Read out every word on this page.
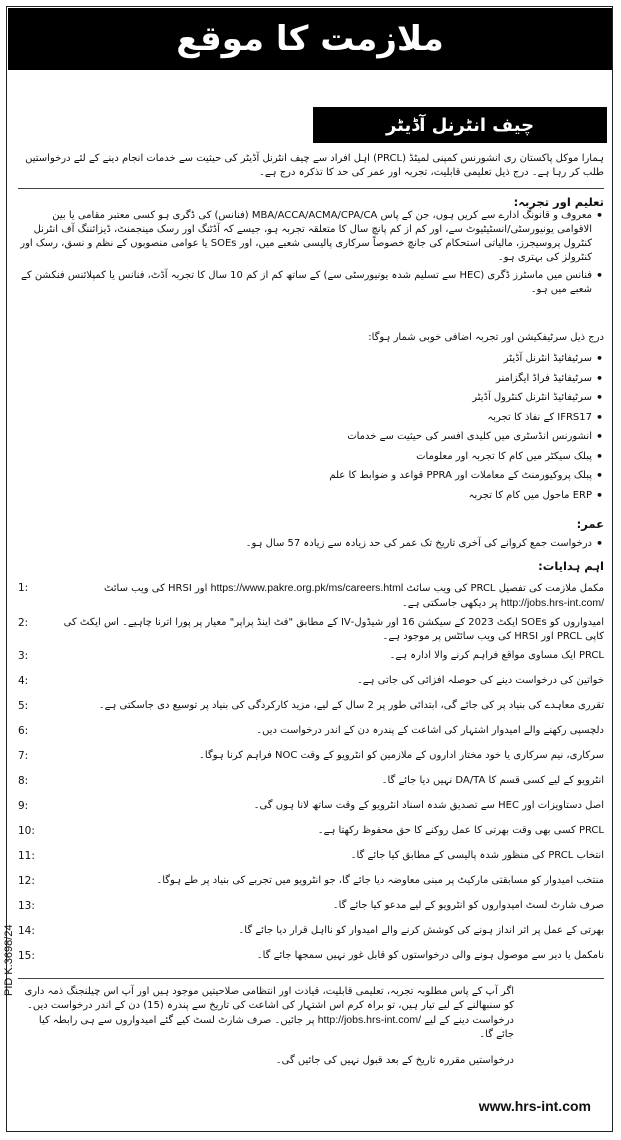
ملازمت کا موقع
چیف انٹرنل آڈیٹر

ہمارا موکل پاکستان ری انشورنس کمپنی لمیٹڈ (PRCL) اہل افراد سے چیف انٹرنل آڈیٹر کی حیثیت سے خدمات انجام دینے کے لئے درخواستیں طلب کر رہا ہے۔ درج ذیل تعلیمی قابلیت، تجربہ اور عمر کی حد کا تذکرہ درج ہے۔

تعلیم اور تجربہ:

• معروف و قانونگ ادارے سے کریں ہوں، جن کے پاس MBA/ACCA/ACMA/CPA/CA (فنانس) کی ڈگری ہو کسی معتبر مقامی یا بین الاقوامی یونیورسٹی/انسٹیٹیوٹ سے، اور کم از کم پانچ سال کا متعلقہ تجربہ ہو، جیسے کہ آڈٹنگ اور رسک مینجمنٹ، ڈیزائننگ آف انٹرنل کنٹرول پروسیجرز، مالیاتی استحکام کی جانچ خصوصاً سرکاری پالیسی شعبے میں، اور SOEs یا عوامی منصوبوں کے نظم و نسق، رسک اور کنٹرولز کی بہتری ہو۔
• فنانس میں ماسٹرز ڈگری (HEC سے تسلیم شدہ یونیورسٹی سے) کے ساتھ کم از کم 10 سال کا تجربہ آڈٹ، فنانس یا کمپلائنس فنکشن کے شعبے میں ہو۔

درج ذیل سرٹیفکیشن اور تجربہ اضافی خوبی شمار ہوگا:

• سرٹیفائیڈ انٹرنل آڈیٹر
• سرٹیفائیڈ فراڈ ایگزامنر
• سرٹیفائیڈ انٹرنل کنٹرول آڈیٹر
• IFRS17 کے نفاذ کا تجربہ
• انشورنس انڈسٹری میں کلیدی افسر کی حیثیت سے خدمات
• پبلک سیکٹر میں کام کا تجربہ اور معلومات
• پبلک پروکیورمنٹ کے معاملات اور PPRA قواعد و ضوابط کا علم
• ERP ماحول میں کام کا تجربہ

عمر:

• درخواست جمع کروانے کی آخری تاریخ تک عمر کی حد زیادہ سے زیادہ 57 سال ہو۔

اہم ہدایات:

1:	مکمل ملازمت کی تفصیل PRCL کی ویب سائٹ https://www.pakre.org.pk/ms/careers.html اور HRSI کی ویب سائٹ http://jobs.hrs-int.com/ پر دیکھی جاسکتی ہے۔
2:	امیدواروں کو SOEs ایکٹ 2023 کے سیکشن 16 اور شیڈول-IV کے مطابق "فٹ اینڈ پراپر" معیار پر پورا اترنا چاہیے۔ اس ایکٹ کی کاپی PRCL اور HRSI کی ویب سائٹس پر موجود ہے۔
3:	PRCL ایک مساوی مواقع فراہم کرنے والا ادارہ ہے۔
4:	خواتین کی درخواست دینے کی حوصلہ افزائی کی جاتی ہے۔
5:	تقرری معاہدے کی بنیاد پر کی جائے گی، ابتدائی طور پر 2 سال کے لیے، مزید کارکردگی کی بنیاد پر توسیع دی جاسکتی ہے۔
6:	دلچسپی رکھنے والے امیدوار اشتہار کی اشاعت کے پندرہ دن کے اندر درخواست دیں۔
7:	سرکاری، نیم سرکاری یا خود مختار اداروں کے ملازمین کو انٹرویو کے وقت NOC فراہم کرنا ہوگا۔
8:	انٹرویو کے لیے کسی قسم کا DA/TA نہیں دیا جائے گا۔
9:	اصل دستاویزات اور HEC سے تصدیق شدہ اسناد انٹرویو کے وقت ساتھ لانا ہوں گی۔
10:	PRCL کسی بھی وقت بھرتی کا عمل روکنے کا حق محفوظ رکھتا ہے۔
11:	انتخاب PRCL کی منظور شدہ پالیسی کے مطابق کیا جائے گا۔
12:	منتخب امیدوار کو مسابقتی مارکیٹ پر مبنی معاوضہ دیا جائے گا، جو انٹرویو میں تجربے کی بنیاد پر طے ہوگا۔
13:	صرف شارٹ لسٹ امیدواروں کو انٹرویو کے لیے مدعو کیا جائے گا۔
14:	بھرتی کے عمل پر اثر انداز ہونے کی کوشش کرنے والے امیدوار کو نااہل قرار دیا جائے گا۔
15:	نامکمل یا دیر سے موصول ہونے والی درخواستوں کو قابل غور نہیں سمجھا جائے گا۔

اگر آپ کے پاس مطلوبہ تجربہ، تعلیمی قابلیت، قیادت اور انتظامی صلاحیتیں موجود ہیں اور آپ اس چیلنجنگ ذمہ داری کو سنبھالنے کے لیے تیار ہیں، تو براہ کرم اس اشتہار کی اشاعت کی تاریخ سے پندرہ (15) دن کے اندر درخواست دیں۔ درخواست دینے کے لیے http://jobs.hrs-int.com/ پر جائیں۔ صرف شارٹ لسٹ کیے گئے امیدواروں سے ہی رابطہ کیا جائے گا۔

درخواستیں مقررہ تاریخ کے بعد قبول نہیں کی جائیں گی۔

PID K.3698/24
www.hrs-int.com
